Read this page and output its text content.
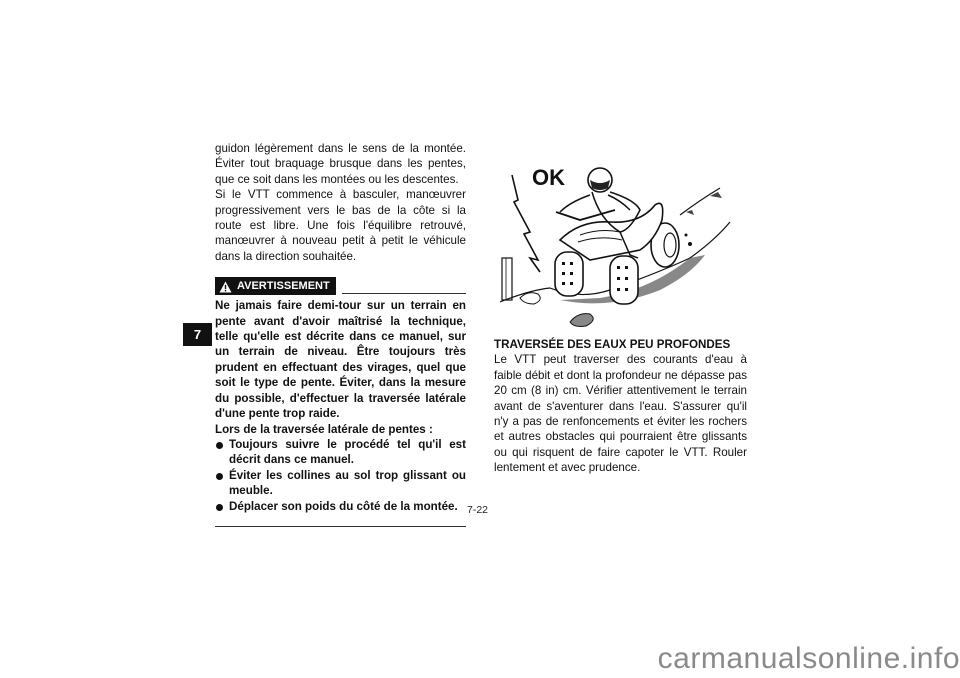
7

guidon légèrement dans le sens de la montée. Éviter tout braquage brusque dans les pentes, que ce soit dans les montées ou les descentes.

Si le VTT commence à basculer, manœuvrer progressivement vers le bas de la côte si la route est libre. Une fois l'équilibre retrouvé, manœuvrer à nouveau petit à petit le véhicule dans la direction souhaitée.

AVERTISSEMENT

Ne jamais faire demi-tour sur un terrain en pente avant d'avoir maîtrisé la technique, telle qu'elle est décrite dans ce manuel, sur un terrain de niveau. Être toujours très prudent en effectuant des virages, quel que soit le type de pente. Éviter, dans la mesure du possible, d'effectuer la traversée latérale d'une pente trop raide.

Lors de la traversée latérale de pentes :

Toujours suivre le procédé tel qu'il est décrit dans ce manuel.
Éviter les collines au sol trop glissant ou meuble.
Déplacer son poids du côté de la montée.
OK

TRAVERSÉE DES EAUX PEU PROFONDES

Le VTT peut traverser des courants d'eau à faible débit et dont la profondeur ne dépasse pas 20 cm (8 in) cm. Vérifier attentivement le terrain avant de s'aventurer dans l'eau. S'assurer qu'il n'y a pas de renfoncements et éviter les rochers et autres obstacles qui pourraient être glissants ou qui risquent de faire capoter le VTT. Rouler lentement et avec prudence.

7-22
carmanualsonline.info
